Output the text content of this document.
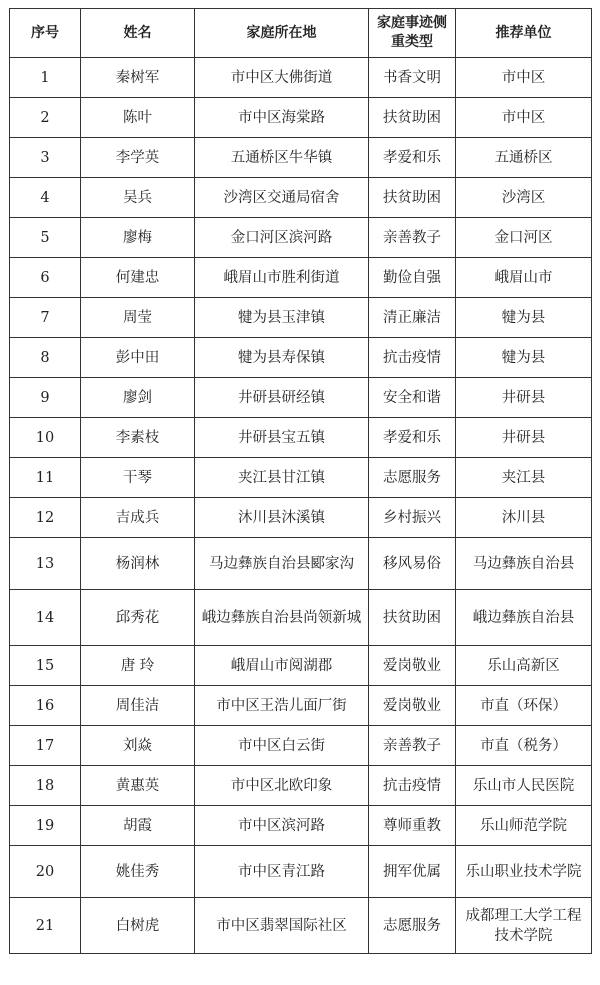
序号	姓名	家庭所在地	家庭事迹侧重类型	推荐单位
1	秦树军	市中区大佛街道	书香文明	市中区
2	陈叶	市中区海棠路	扶贫助困	市中区
3	李学英	五通桥区牛华镇	孝爱和乐	五通桥区
4	吴兵	沙湾区交通局宿舍	扶贫助困	沙湾区
5	廖梅	金口河区滨河路	亲善教子	金口河区
6	何建忠	峨眉山市胜利街道	勤俭自强	峨眉山市
7	周莹	犍为县玉津镇	清正廉洁	犍为县
8	彭中田	犍为县寿保镇	抗击疫情	犍为县
9	廖剑	井研县研经镇	安全和谐	井研县
10	李素枝	井研县宝五镇	孝爱和乐	井研县
11	干琴	夹江县甘江镇	志愿服务	夹江县
12	吉成兵	沐川县沐溪镇	乡村振兴	沐川县
13	杨润林	马边彝族自治县郾家沟	移风易俗	马边彝族自治县
14	邱秀花	峨边彝族自治县尚领新城	扶贫助困	峨边彝族自治县
15	唐 玲	峨眉山市阅湖郡	爱岗敬业	乐山高新区
16	周佳洁	市中区王浩儿面厂街	爱岗敬业	市直（环保）
17	刘焱	市中区白云街	亲善教子	市直（税务）
18	黄惠英	市中区北欧印象	抗击疫情	乐山市人民医院
19	胡霞	市中区滨河路	尊师重教	乐山师范学院
20	姚佳秀	市中区青江路	拥军优属	乐山职业技术学院
21	白树虎	市中区翡翠国际社区	志愿服务	成都理工大学工程技术学院
